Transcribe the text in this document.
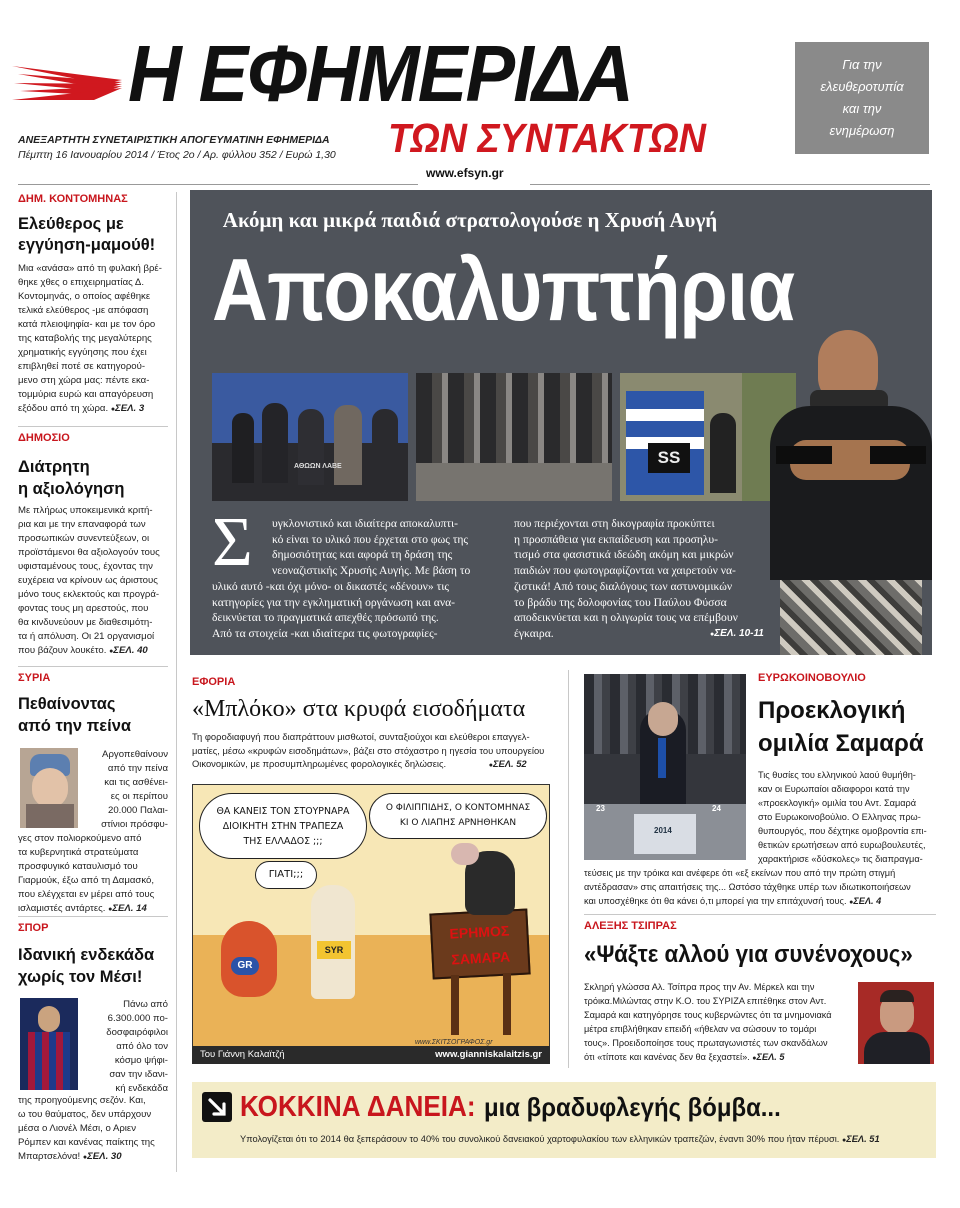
Η ΕΦΗΜΕΡΙΔΑ
ΤΩΝ ΣΥΝΤΑΚΤΩΝ
ΑΝΕΞΑΡΤΗΤΗ ΣΥΝΕΤΑΙΡΙΣΤΙΚΗ ΑΠΟΓΕΥΜΑΤΙΝΗ ΕΦΗΜΕΡΙΔΑ
Πέμπτη 16 Ιανουαρίου 2014 / Έτος 2ο / Αρ. φύλλου 352 / Ευρώ 1,30
www.efsyn.gr
Για την
ελευθεροτυπία
και την
ενημέρωση
ΔΗΜ. ΚΟΝΤΟΜΗΝΑΣ
Ελεύθερος με
εγγύηση-μαμούθ!
Μια «ανάσα» από τη φυλακή βρέ-
θηκε χθες ο επιχειρηματίας Δ.
Κοντομηνάς, ο οποίος αφέθηκε
τελικά ελεύθερος -με απόφαση
κατά πλειοψηφία- και με τον όρο
της καταβολής της μεγαλύτερης
χρηματικής εγγύησης που έχει
επιβληθεί ποτέ σε κατηγορού-
μενο στη χώρα μας: πέντε εκα-
τομμύρια ευρώ και απαγόρευση
εξόδου από τη χώρα. ● ΣΕΛ. 3
ΔΗΜΟΣΙΟ
Διάτρητη
η αξιολόγηση
Με πλήρως υποκειμενικά κριτή-
ρια και με την επαναφορά των
προσωπικών συνεντεύξεων, οι
προϊστάμενοι θα αξιολογούν τους
υφισταμένους τους, έχοντας την
ευχέρεια να κρίνουν ως άριστους
μόνο τους εκλεκτούς και προγρά-
φοντας τους μη αρεστούς, που
θα κινδυνεύουν με διαθεσιμότη-
τα ή απόλυση. Οι 21 οργανισμοί
που βάζουν λουκέτο. ● ΣΕΛ. 40
ΣΥΡΙΑ
Πεθαίνοντας
από την πείνα
Αργοπεθαίνουν
από την πείνα
και τις ασθένει-
ες οι περίπου
20.000 Παλαι-
στίνιοι πρόσφυ-
γες στον πολιορκούμενο από
τα κυβερνητικά στρατεύματα
προσφυγικό καταυλισμό του
Γιαρμούκ, έξω από τη Δαμασκό,
που ελέγχεται εν μέρει από τους
ισλαμιστές αντάρτες. ● ΣΕΛ. 14
ΣΠΟΡ
Ιδανική ενδεκάδα
χωρίς τον Μέσι!
Πάνω από
6.300.000 πο-
δοσφαιρόφιλοι
από όλο τον
κόσμο ψήφι-
σαν την ιδανι-
κή ενδεκάδα
της προηγούμενης σεζόν. Και,
ω του θαύματος, δεν υπάρχουν
μέσα ο Λιονέλ Μέσι, ο Αριεν
Ρόμπεν και κανένας παίκτης της
Μπαρτσελόνα! ● ΣΕΛ. 30
Ακόμη και μικρά παιδιά στρατολογούσε η Χρυσή Αυγή
Αποκαλυπτήρια
ΑΘΩΩΝ ΛΑΒΕ	SS
Σ	υγκλονιστικό και ιδιαίτερα αποκαλυπτι-
κό είναι το υλικό που έρχεται στο φως της
δημοσιότητας και αφορά τη δράση της
νεοναζιστικής Χρυσής Αυγής. Με βάση το
υλικό αυτό -και όχι μόνο- οι δικαστές «δένουν» τις
κατηγορίες για την εγκληματική οργάνωση και ανα-
δεικνύεται το πραγματικά απεχθές πρόσωπό της.
Από τα στοιχεία -και ιδιαίτερα τις φωτογραφίες-
που περιέχονται στη δικογραφία προκύπτει
η προσπάθεια για εκπαίδευση και προσηλυ-
τισμό στα φασιστικά ιδεώδη ακόμη και μικρών
παιδιών που φωτογραφίζονται να χαιρετούν να-
ζιστικά! Από τους διαλόγους των αστυνομικών
το βράδυ της δολοφονίας του Παύλου Φύσσα
αποδεικνύεται και η ολιγωρία τους να επέμβουν
έγκαιρα.	● ΣΕΛ. 10-11
ΕΦΟΡΙΑ
«Μπλόκο» στα κρυφά εισοδήματα
Τη φοροδιαφυγή που διαπράττουν μισθωτοί, συνταξιούχοι και ελεύθεροι επαγγελ-
ματίες, μέσω «κρυφών εισοδημάτων», βάζει στο στόχαστρο η ηγεσία του υπουργείου
Οικονομικών, με προσυμπληρωμένες φορολογικές δηλώσεις.	● ΣΕΛ. 52
ΘΑ ΚΑΝΕΙΣ ΤΟΝ ΣΤΟΥΡΝΑΡΑ
ΔΙΟΙΚΗΤΗ ΣΤΗΝ ΤΡΑΠΕΖΑ
ΤΗΣ ΕΛΛΑΔΟΣ ;;;
Ο ΦΙΛΙΠΠΙΔΗΣ, Ο ΚΟΝΤΟΜΗΝΑΣ
ΚΙ Ο ΛΙΑΠΗΣ ΑΡΝΗΘΗΚΑΝ
ΓΙΑΤΙ;;;
ΕΡΗΜΟΣ
ΣΑΜΑΡΑ
GR
SYR
www.ΣΚΙΤΣΟΓΡΑΦΟΣ.gr
Του Γιάννη Καλαϊτζή	www.gianniskalaitzis.gr
23	24
2014
ΕΥΡΩΚΟΙΝΟΒΟΥΛΙΟ
Προεκλογική
ομιλία Σαμαρά
Τις θυσίες του ελληνικού λαού θυμήθη-
καν οι Ευρωπαίοι αδιαφοροι κατά την
«προεκλογική» ομιλία του Αντ. Σαμαρά
στο Ευρωκοινοβούλιο. Ο Ελληνας πρω-
θυπουργός, που δέχτηκε ομοβροντία επι-
θετικών ερωτήσεων από ευρωβουλευτές,
χαρακτήρισε «δύσκολες» τις διαπραγμα-
τεύσεις με την τρόικα και ανέφερε ότι «εξ εκείνων που από την πρώτη στιγμή
αντέδρασαν» στις απαιτήσεις της... Ωστόσο τάχθηκε υπέρ των ιδιωτικοποιήσεων
και υποσχέθηκε ότι θα κάνει ό,τι μπορεί για την επιτάχυνσή τους. ● ΣΕΛ. 4
ΑΛΕΞΗΣ ΤΣΙΠΡΑΣ
«Ψάξτε αλλού για συνένοχους»
Σκληρή γλώσσα Αλ. Τσίπρα προς την Αν. Μέρκελ και την
τρόικα.Μιλώντας στην Κ.Ο. του ΣΥΡΙΖΑ επιτέθηκε στον Αντ.
Σαμαρά και κατηγόρησε τους κυβερνώντες ότι τα μνημονιακά
μέτρα επιβλήθηκαν επειδή «ήθελαν να σώσουν το τομάρι
τους». Προειδοποίησε τους πρωταγωνιστές των σκανδάλων
ότι «τίποτε και κανένας δεν θα ξεχαστεί». ● ΣΕΛ. 5
ΚΟΚΚΙΝΑ ΔΑΝΕΙΑ: μια βραδυφλεγής βόμβα...
Υπολογίζεται ότι το 2014 θα ξεπεράσουν το 40% του συνολικού δανειακού χαρτοφυλακίου των ελληνικών τραπεζών, έναντι 30% που ήταν πέρυσι. ● ΣΕΛ. 51
